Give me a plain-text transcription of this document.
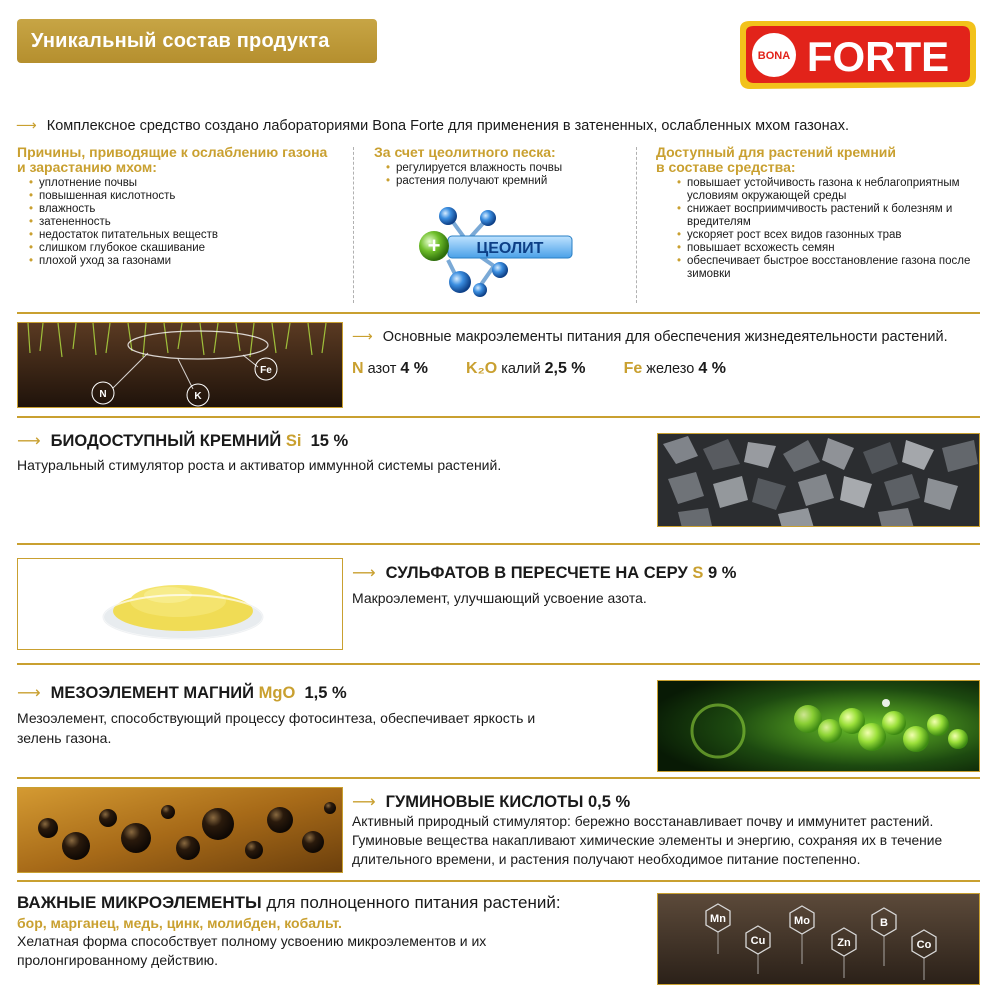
Уникальный состав продукта
BONA FORTE
⟶ Комплексное средство создано лабораториями Bona Forte для применения в затененных, ослабленных мхом газонах.
Причины, приводящие к ослаблению газона
и зарастанию мхом:
• уплотнение почвы
• повышенная кислотность
• влажность
• затененность
• недостаток питательных веществ
• слишком глубокое скашивание
• плохой уход за газонами
За счет цеолитного песка:
• регулируется влажность почвы
• растения получают кремний
ЦЕОЛИТ
+
Доступный для растений кремний
в составе средства:
• повышает устойчивость газона к неблагоприятным условиям окружающей среды
• снижает восприимчивость растений к болезням и вредителям
• ускоряет рост всех видов газонных трав
• повышает всхожесть семян
• обеспечивает быстрое восстановление газона после зимовки
N	K
Fe
⟶ Основные макроэлементы питания для обеспечения жизнедеятельности растений.
N азот 4 % K₂O калий 2,5 % Fe железо 4 %
⟶ БИОДОСТУПНЫЙ КРЕМНИЙ Si 15 %
Натуральный стимулятор роста и активатор иммунной системы растений.
⟶ СУЛЬФАТОВ В ПЕРЕСЧЕТЕ НА СЕРУ S 9 %
Макроэлемент, улучшающий усвоение азота.
⟶ МЕЗОЭЛЕМЕНТ МАГНИЙ MgO 1,5 %
Мезоэлемент, способствующий процессу фотосинтеза, обеспечивает яркость и
зелень газона.
⟶ ГУМИНОВЫЕ КИСЛОТЫ 0,5 %
Активный природный стимулятор: бережно восстанавливает почву и иммунитет растений.
Гуминовые вещества накапливают химические элементы и энергию, сохраняя их в течение
длительного времени, и растения получают необходимое питание постепенно.
ВАЖНЫЕ МИКРОЭЛЕМЕНТЫ для полноценного питания растений:
бор, марганец, медь, цинк, молибден, кобальт.
Хелатная форма способствует полному усвоению микроэлементов и их
пролонгированному действию.
Mn
Cu
Mo
Zn
B
Co
